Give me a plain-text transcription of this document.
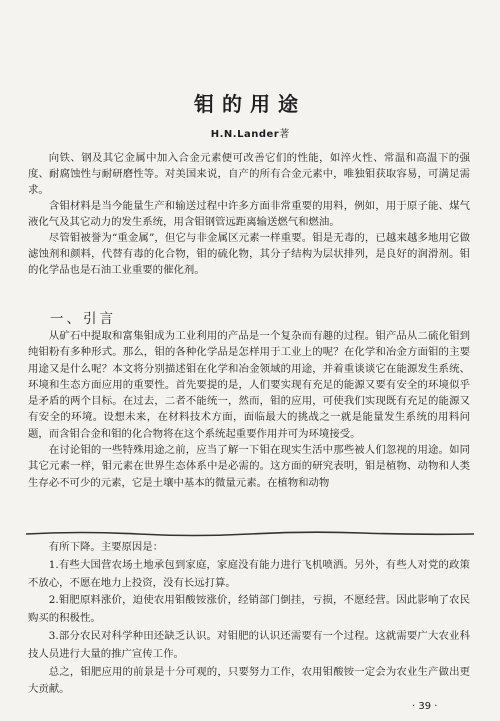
钼的用途
H.N.Lander著

向铁、钢及其它金属中加入合金元素便可改善它们的性能，如淬火性、常温和高温下的强度、耐腐蚀性与耐研磨性等。对美国来说，自产的所有合金元素中，唯独钼获取容易，可满足需求。

含钼材料是当今能量生产和输送过程中许多方面非常重要的用料，例如，用于原子能、煤气液化气及其它动力的发生系统，用含钼钢管远距离输送燃气和燃油。

尽管钼被誉为“重金属”，但它与非金属区元素一样重要。钼是无毒的，已越来越多地用它做滤蚀剂和颜料，代替有毒的化合物，钼的硫化物，其分子结构为层状排列，是良好的润滑剂。钼的化学品也是石油工业重要的催化剂。

一、引言

从矿石中提取和富集钼成为工业利用的产品是一个复杂而有趣的过程。钼产品从二硫化钼到纯钼粉有多种形式。那么，钼的各种化学品是怎样用于工业上的呢？在化学和冶金方面钼的主要用途又是什么呢？本文将分别描述钼在化学和冶金领域的用途，并着重谈谈它在能源发生系统、环境和生态方面应用的重要性。首先要提的是，人们要实现有充足的能源又要有安全的环境似乎是矛盾的两个目标。在过去，二者不能统一，然而，钼的应用，可使我们实现既有充足的能源又有安全的环境。设想未来，在材料技术方面，面临最大的挑战之一就是能量发生系统的用料问题，而含钼合金和钼的化合物将在这个系统起重要作用并可为环境接受。

在讨论钼的一些特殊用途之前，应当了解一下钼在现实生活中那些被人们忽视的用途。如同其它元素一样，钼元素在世界生态体系中是必需的。这方面的研究表明，钼是植物、动物和人类生存必不可少的元素，它是土壤中基本的微量元素。在植物和动物

有所下降。主要原因是：

1.有些大国营农场土地承包到家庭，家庭没有能力进行飞机喷洒。另外，有些人对党的政策不放心，不愿在地力上投资，没有长远打算。

2.钼肥原料涨价，迫使农用钼酸铵涨价，经销部门倒挂，亏损，不愿经营。因此影响了农民购买的积极性。

3.部分农民对科学种田还缺乏认识。对钼肥的认识还需要有一个过程。这就需要广大农业科技人员进行大量的推广宣传工作。

总之，钼肥应用的前景是十分可观的，只要努力工作，农用钼酸铵一定会为农业生产做出更大贡献。

· 39 ·
